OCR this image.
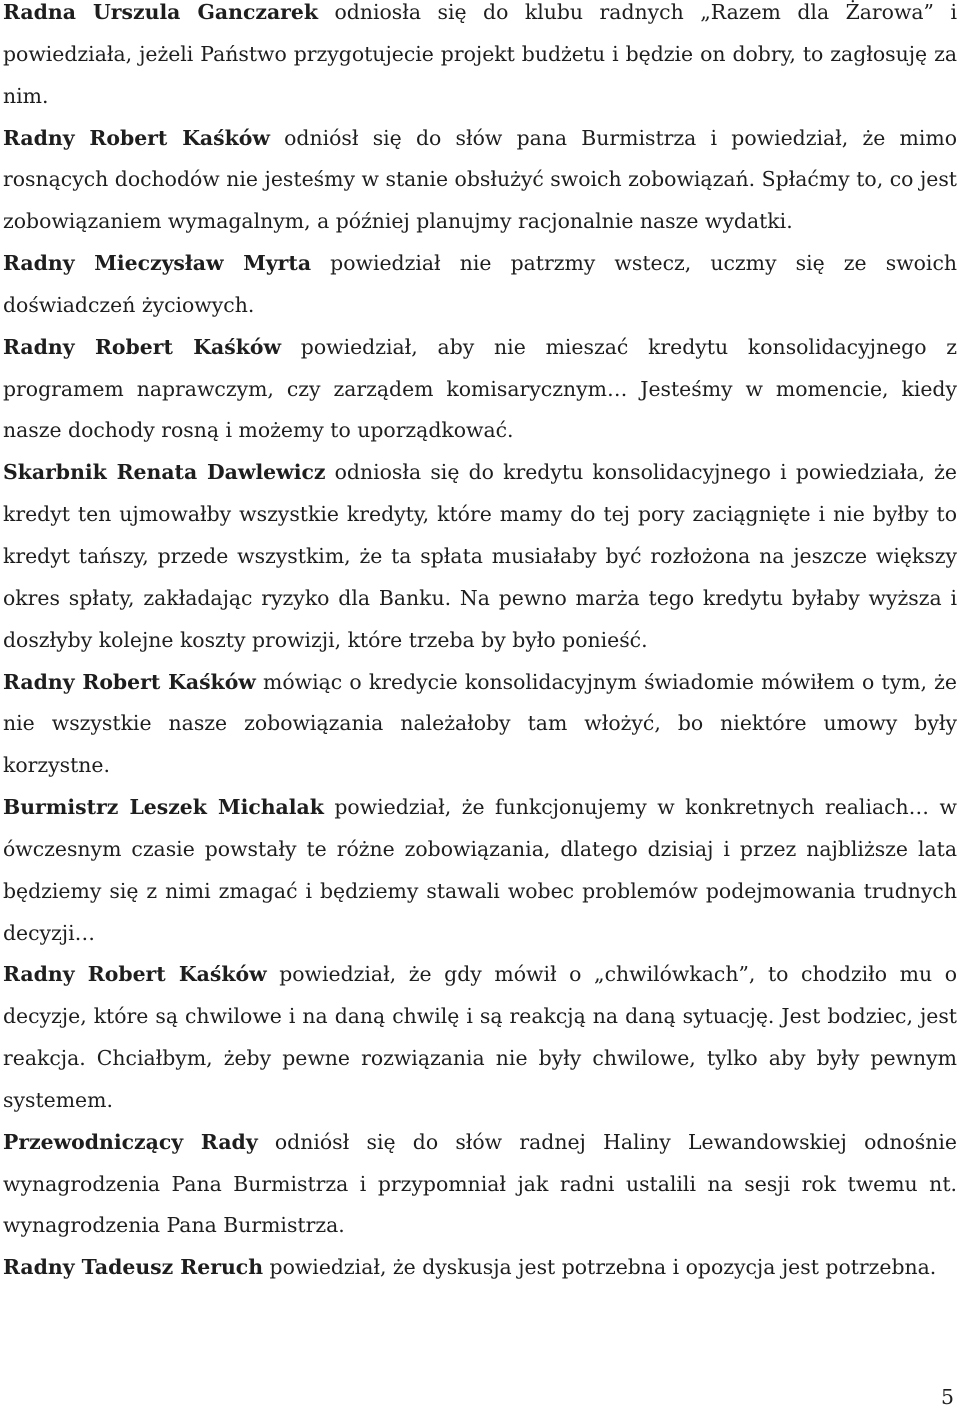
Radna Urszula Ganczarek odniosła się do klubu radnych „Razem dla Żarowa” i powiedziała, jeżeli Państwo przygotujecie projekt budżetu i będzie on dobry, to zagłosuję za nim.

Radny Robert Kaśków odniósł się do słów pana Burmistrza i powiedział, że mimo rosnących dochodów nie jesteśmy w stanie obsłużyć swoich zobowiązań. Spłaćmy to, co jest zobowiązaniem wymagalnym, a później planujmy racjonalnie nasze wydatki.

Radny Mieczysław Myrta powiedział nie patrzmy wstecz, uczmy się ze swoich doświadczeń życiowych.

Radny Robert Kaśków powiedział, aby nie mieszać kredytu konsolidacyjnego z programem naprawczym, czy zarządem komisarycznym… Jesteśmy w momencie, kiedy nasze dochody rosną i możemy to uporządkować.

Skarbnik Renata Dawlewicz odniosła się do kredytu konsolidacyjnego i powiedziała, że kredyt ten ujmowałby wszystkie kredyty, które mamy do tej pory zaciągnięte i nie byłby to kredyt tańszy, przede wszystkim, że ta spłata musiałaby być rozłożona na jeszcze większy okres spłaty, zakładając ryzyko dla Banku. Na pewno marża tego kredytu byłaby wyższa i doszłyby kolejne koszty prowizji, które trzeba by było ponieść.

Radny Robert Kaśków mówiąc o kredycie konsolidacyjnym świadomie mówiłem o tym, że nie wszystkie nasze zobowiązania należałoby tam włożyć, bo niektóre umowy były korzystne.

Burmistrz Leszek Michalak powiedział, że funkcjonujemy w konkretnych realiach… w ówczesnym czasie powstały te różne zobowiązania, dlatego dzisiaj i przez najbliższe lata będziemy się z nimi zmagać i będziemy stawali wobec problemów podejmowania trudnych decyzji…

Radny Robert Kaśków powiedział, że gdy mówił o „chwilówkach”, to chodziło mu o decyzje, które są chwilowe i na daną chwilę i są reakcją na daną sytuację. Jest bodziec, jest reakcja. Chciałbym, żeby pewne rozwiązania nie były chwilowe, tylko aby były pewnym systemem.

Przewodniczący Rady odniósł się do słów radnej Haliny Lewandowskiej odnośnie wynagrodzenia Pana Burmistrza i przypomniał jak radni ustalili na sesji rok twemu nt. wynagrodzenia Pana Burmistrza.

Radny Tadeusz Reruch powiedział, że dyskusja jest potrzebna i opozycja jest potrzebna.

5
